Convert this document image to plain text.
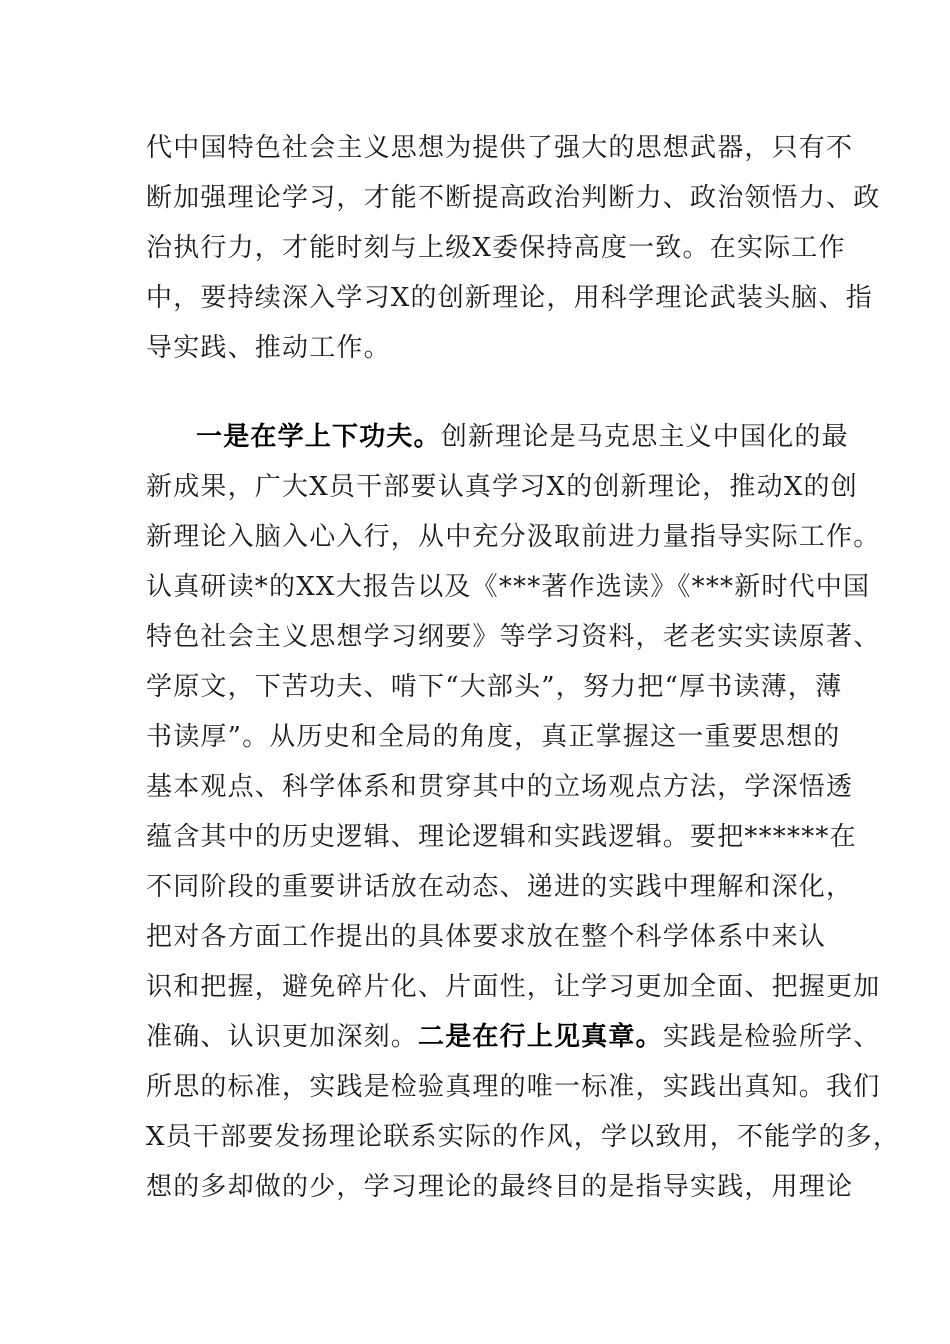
代中国特色社会主义思想为提供了强大的思想武器，只有不
断加强理论学习，才能不断提高政治判断力、政治领悟力、政
治执行力，才能时刻与上级X委保持高度一致。在实际工作
中，要持续深入学习X的创新理论，用科学理论武装头脑、指
导实践、推动工作。
一是在学上下功夫。创新理论是马克思主义中国化的最
新成果，广大X员干部要认真学习X的创新理论，推动X的创
新理论入脑入心入行，从中充分汲取前进力量指导实际工作。
认真研读*的XX大报告以及《***著作选读》《***新时代中国
特色社会主义思想学习纲要》等学习资料，老老实实读原著、
学原文，下苦功夫、啃下“大部头”，努力把“厚书读薄，薄
书读厚”。从历史和全局的角度，真正掌握这一重要思想的
基本观点、科学体系和贯穿其中的立场观点方法，学深悟透
蕴含其中的历史逻辑、理论逻辑和实践逻辑。要把******在
不同阶段的重要讲话放在动态、递进的实践中理解和深化，
把对各方面工作提出的具体要求放在整个科学体系中来认
识和把握，避免碎片化、片面性，让学习更加全面、把握更加
准确、认识更加深刻。二是在行上见真章。实践是检验所学、
所思的标准，实践是检验真理的唯一标准，实践出真知。我们
X员干部要发扬理论联系实际的作风，学以致用，不能学的多，
想的多却做的少，学习理论的最终目的是指导实践，用理论
